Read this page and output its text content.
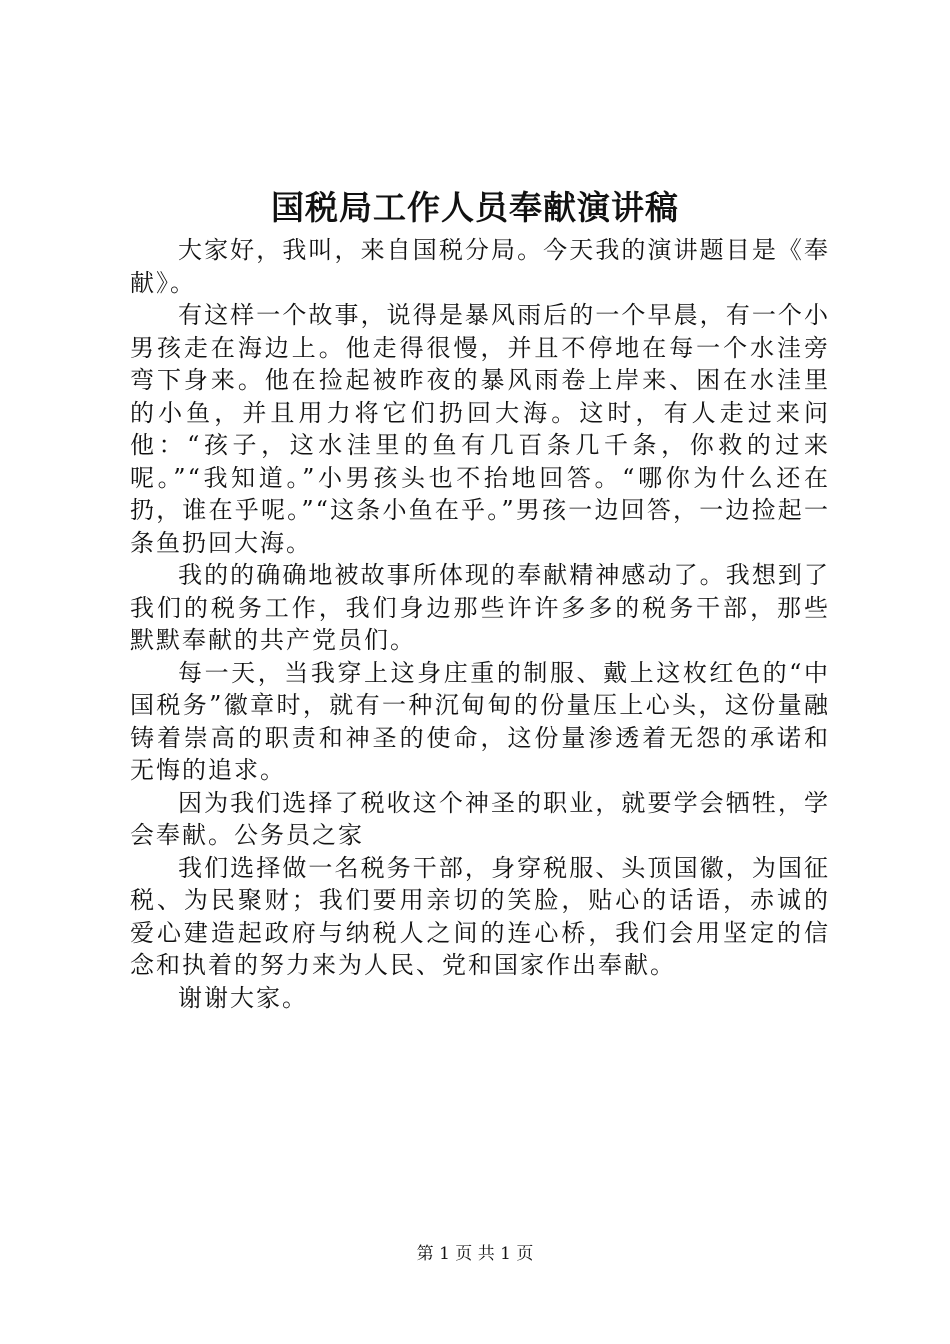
国税局工作人员奉献演讲稿

大家好，我叫，来自国税分局。今天我的演讲题目是《奉献》。

有这样一个故事，说得是暴风雨后的一个早晨，有一个小男孩走在海边上。他走得很慢，并且不停地在每一个水洼旁弯下身来。他在捡起被昨夜的暴风雨卷上岸来、困在水洼里的小鱼，并且用力将它们扔回大海。这时，有人走过来问他：“孩子，这水洼里的鱼有几百条几千条，你救的过来呢。”“我知道。”小男孩头也不抬地回答。“哪你为什么还在扔，谁在乎呢。”“这条小鱼在乎。”男孩一边回答，一边捡起一条鱼扔回大海。

我的的确确地被故事所体现的奉献精神感动了。我想到了我们的税务工作，我们身边那些许许多多的税务干部，那些默默奉献的共产党员们。

每一天，当我穿上这身庄重的制服、戴上这枚红色的“中国税务”徽章时，就有一种沉甸甸的份量压上心头，这份量融铸着崇高的职责和神圣的使命，这份量渗透着无怨的承诺和无悔的追求。

因为我们选择了税收这个神圣的职业，就要学会牺牲，学会奉献。公务员之家

我们选择做一名税务干部，身穿税服、头顶国徽，为国征税、为民聚财；我们要用亲切的笑脸，贴心的话语，赤诚的爱心建造起政府与纳税人之间的连心桥，我们会用坚定的信念和执着的努力来为人民、党和国家作出奉献。

谢谢大家。

第 1 页 共 1 页
